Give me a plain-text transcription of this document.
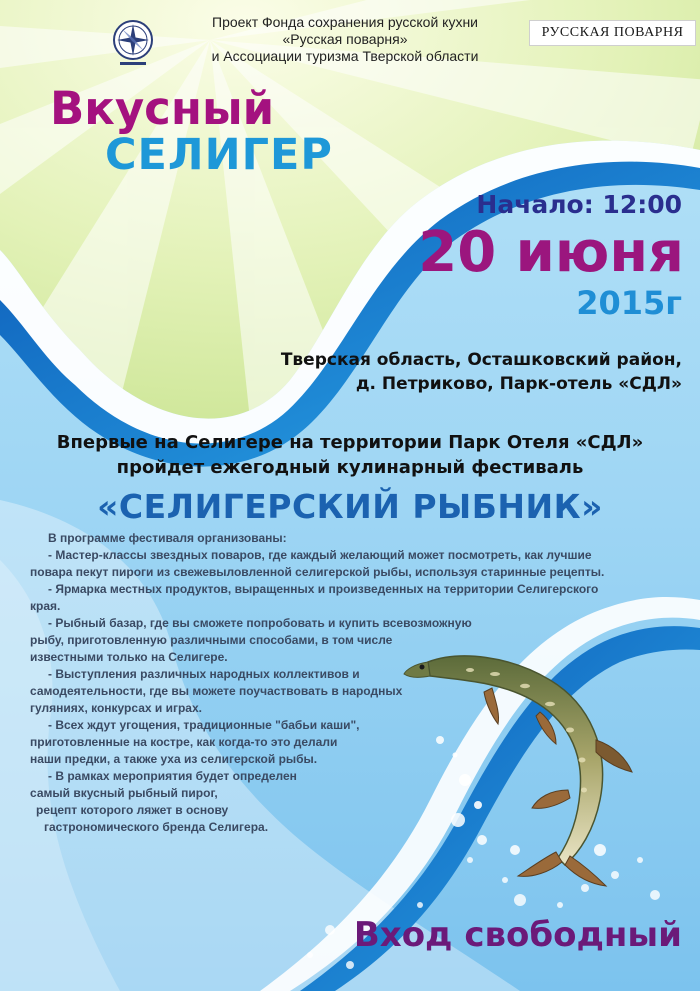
Проект Фонда сохранения русской кухни
«Русская поварня»
и Ассоциации туризма Тверской области
РУССКАЯ ПОВАРНЯ
Вкусный
СЕЛИГЕР
Начало: 12:00
20 июня
2015г
Тверская область, Осташковский район,
д. Петриково, Парк-отель «СДЛ»
Впервые на Селигере на территории Парк Отеля «СДЛ»
пройдет ежегодный кулинарный фестиваль
«СЕЛИГЕРСКИЙ РЫБНИК»
В программе фестиваля организованы:
- Мастер-классы звездных поваров, где каждый желающий может посмотреть, как лучшие
повара пекут пироги из свежевыловленной селигерской рыбы, используя старинные рецепты.
- Ярмарка местных продуктов, выращенных и произведенных на территории Селигерского
края.
- Рыбный базар, где вы сможете попробовать и купить всевозможную
рыбу, приготовленную различными способами, в том числе
известными только на Селигере.
- Выступления различных народных коллективов и
самодеятельности, где вы можете поучаствовать в народных
гуляниях, конкурсах и играх.
- Всех ждут угощения, традиционные "бабьи каши",
приготовленные на костре, как когда-то это делали
наши предки, а также уха из селигерской рыбы.
- В рамках мероприятия будет определен
самый вкусный рыбный пирог,
рецепт которого ляжет в основу
гастрономического бренда Селигера.
Вход свободный
